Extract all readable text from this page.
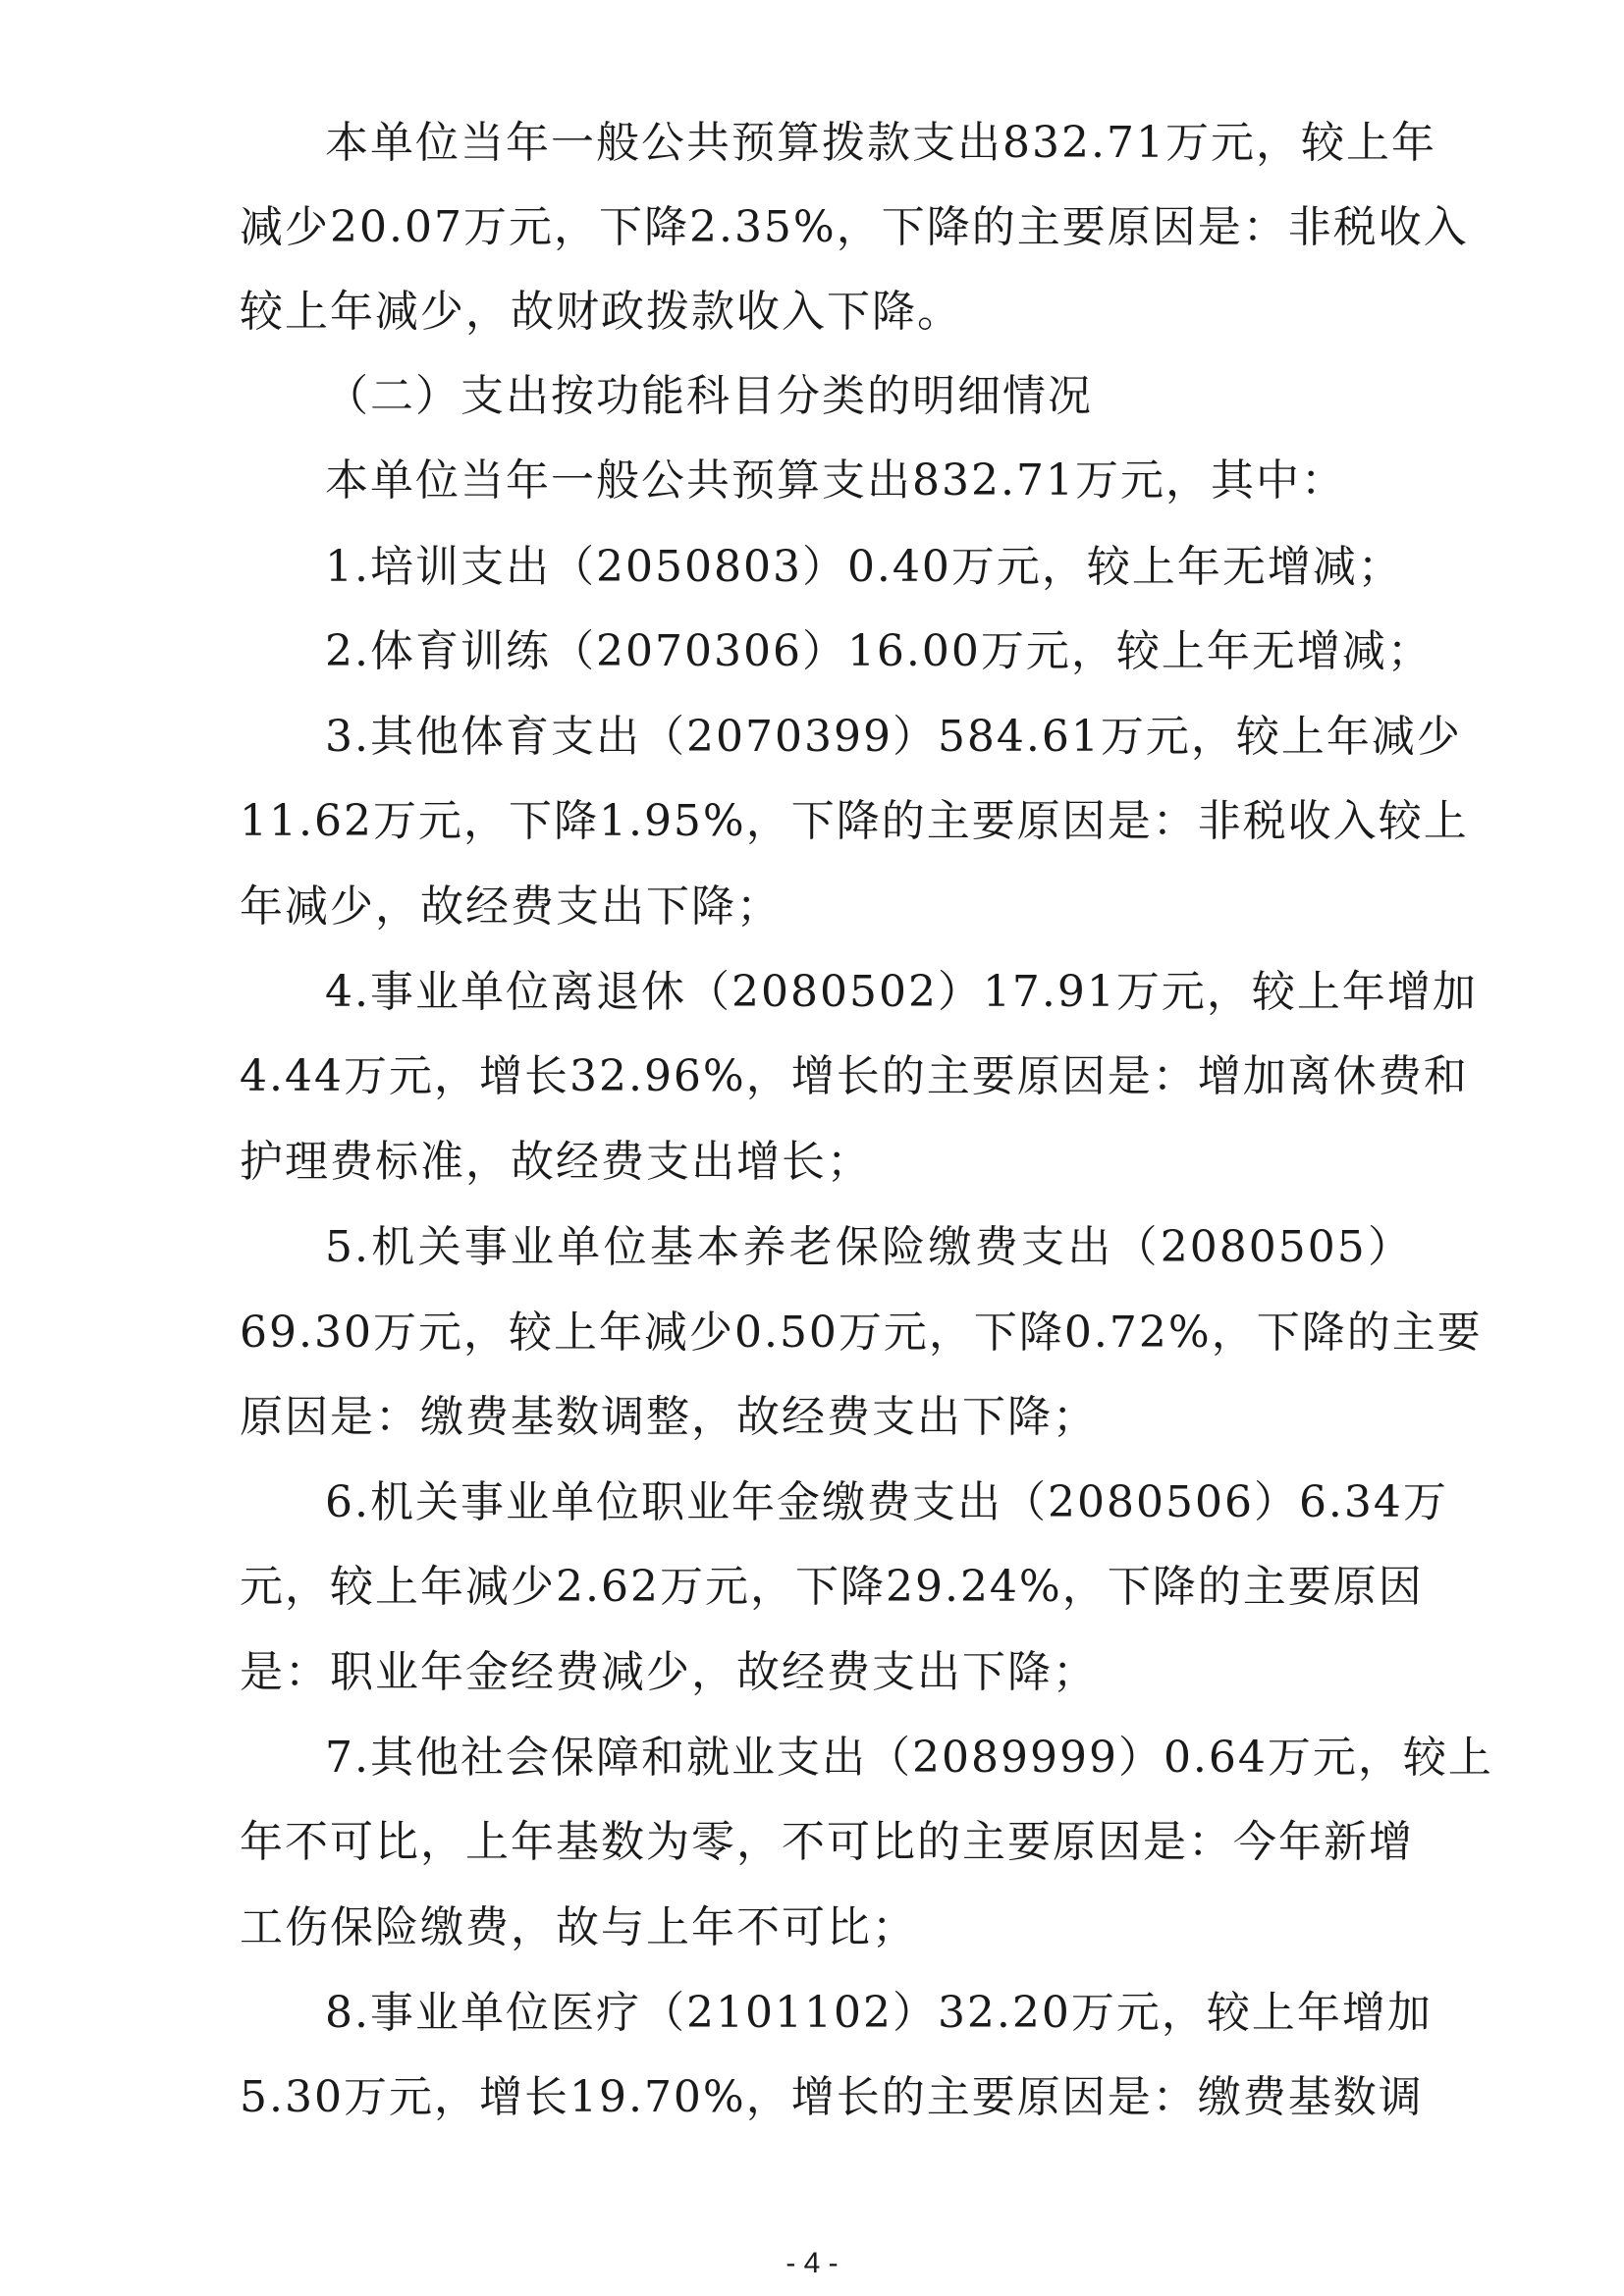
本单位当年一般公共预算拨款支出832.71万元，较上年
减少20.07万元，下降2.35%，下降的主要原因是：非税收入
较上年减少，故财政拨款收入下降。
（二）支出按功能科目分类的明细情况
本单位当年一般公共预算支出832.71万元，其中：
1.培训支出（2050803）0.40万元，较上年无增减；
2.体育训练（2070306）16.00万元，较上年无增减；
3.其他体育支出（2070399）584.61万元，较上年减少
11.62万元，下降1.95%，下降的主要原因是：非税收入较上
年减少，故经费支出下降；
4.事业单位离退休（2080502）17.91万元，较上年增加
4.44万元，增长32.96%，增长的主要原因是：增加离休费和
护理费标准，故经费支出增长；
5.机关事业单位基本养老保险缴费支出（2080505）
69.30万元，较上年减少0.50万元，下降0.72%，下降的主要
原因是：缴费基数调整，故经费支出下降；
6.机关事业单位职业年金缴费支出（2080506）6.34万
元，较上年减少2.62万元，下降29.24%，下降的主要原因
是：职业年金经费减少，故经费支出下降；
7.其他社会保障和就业支出（2089999）0.64万元，较上
年不可比，上年基数为零，不可比的主要原因是：今年新增
工伤保险缴费，故与上年不可比；
8.事业单位医疗（2101102）32.20万元，较上年增加
5.30万元，增长19.70%，增长的主要原因是：缴费基数调
- 4 -
